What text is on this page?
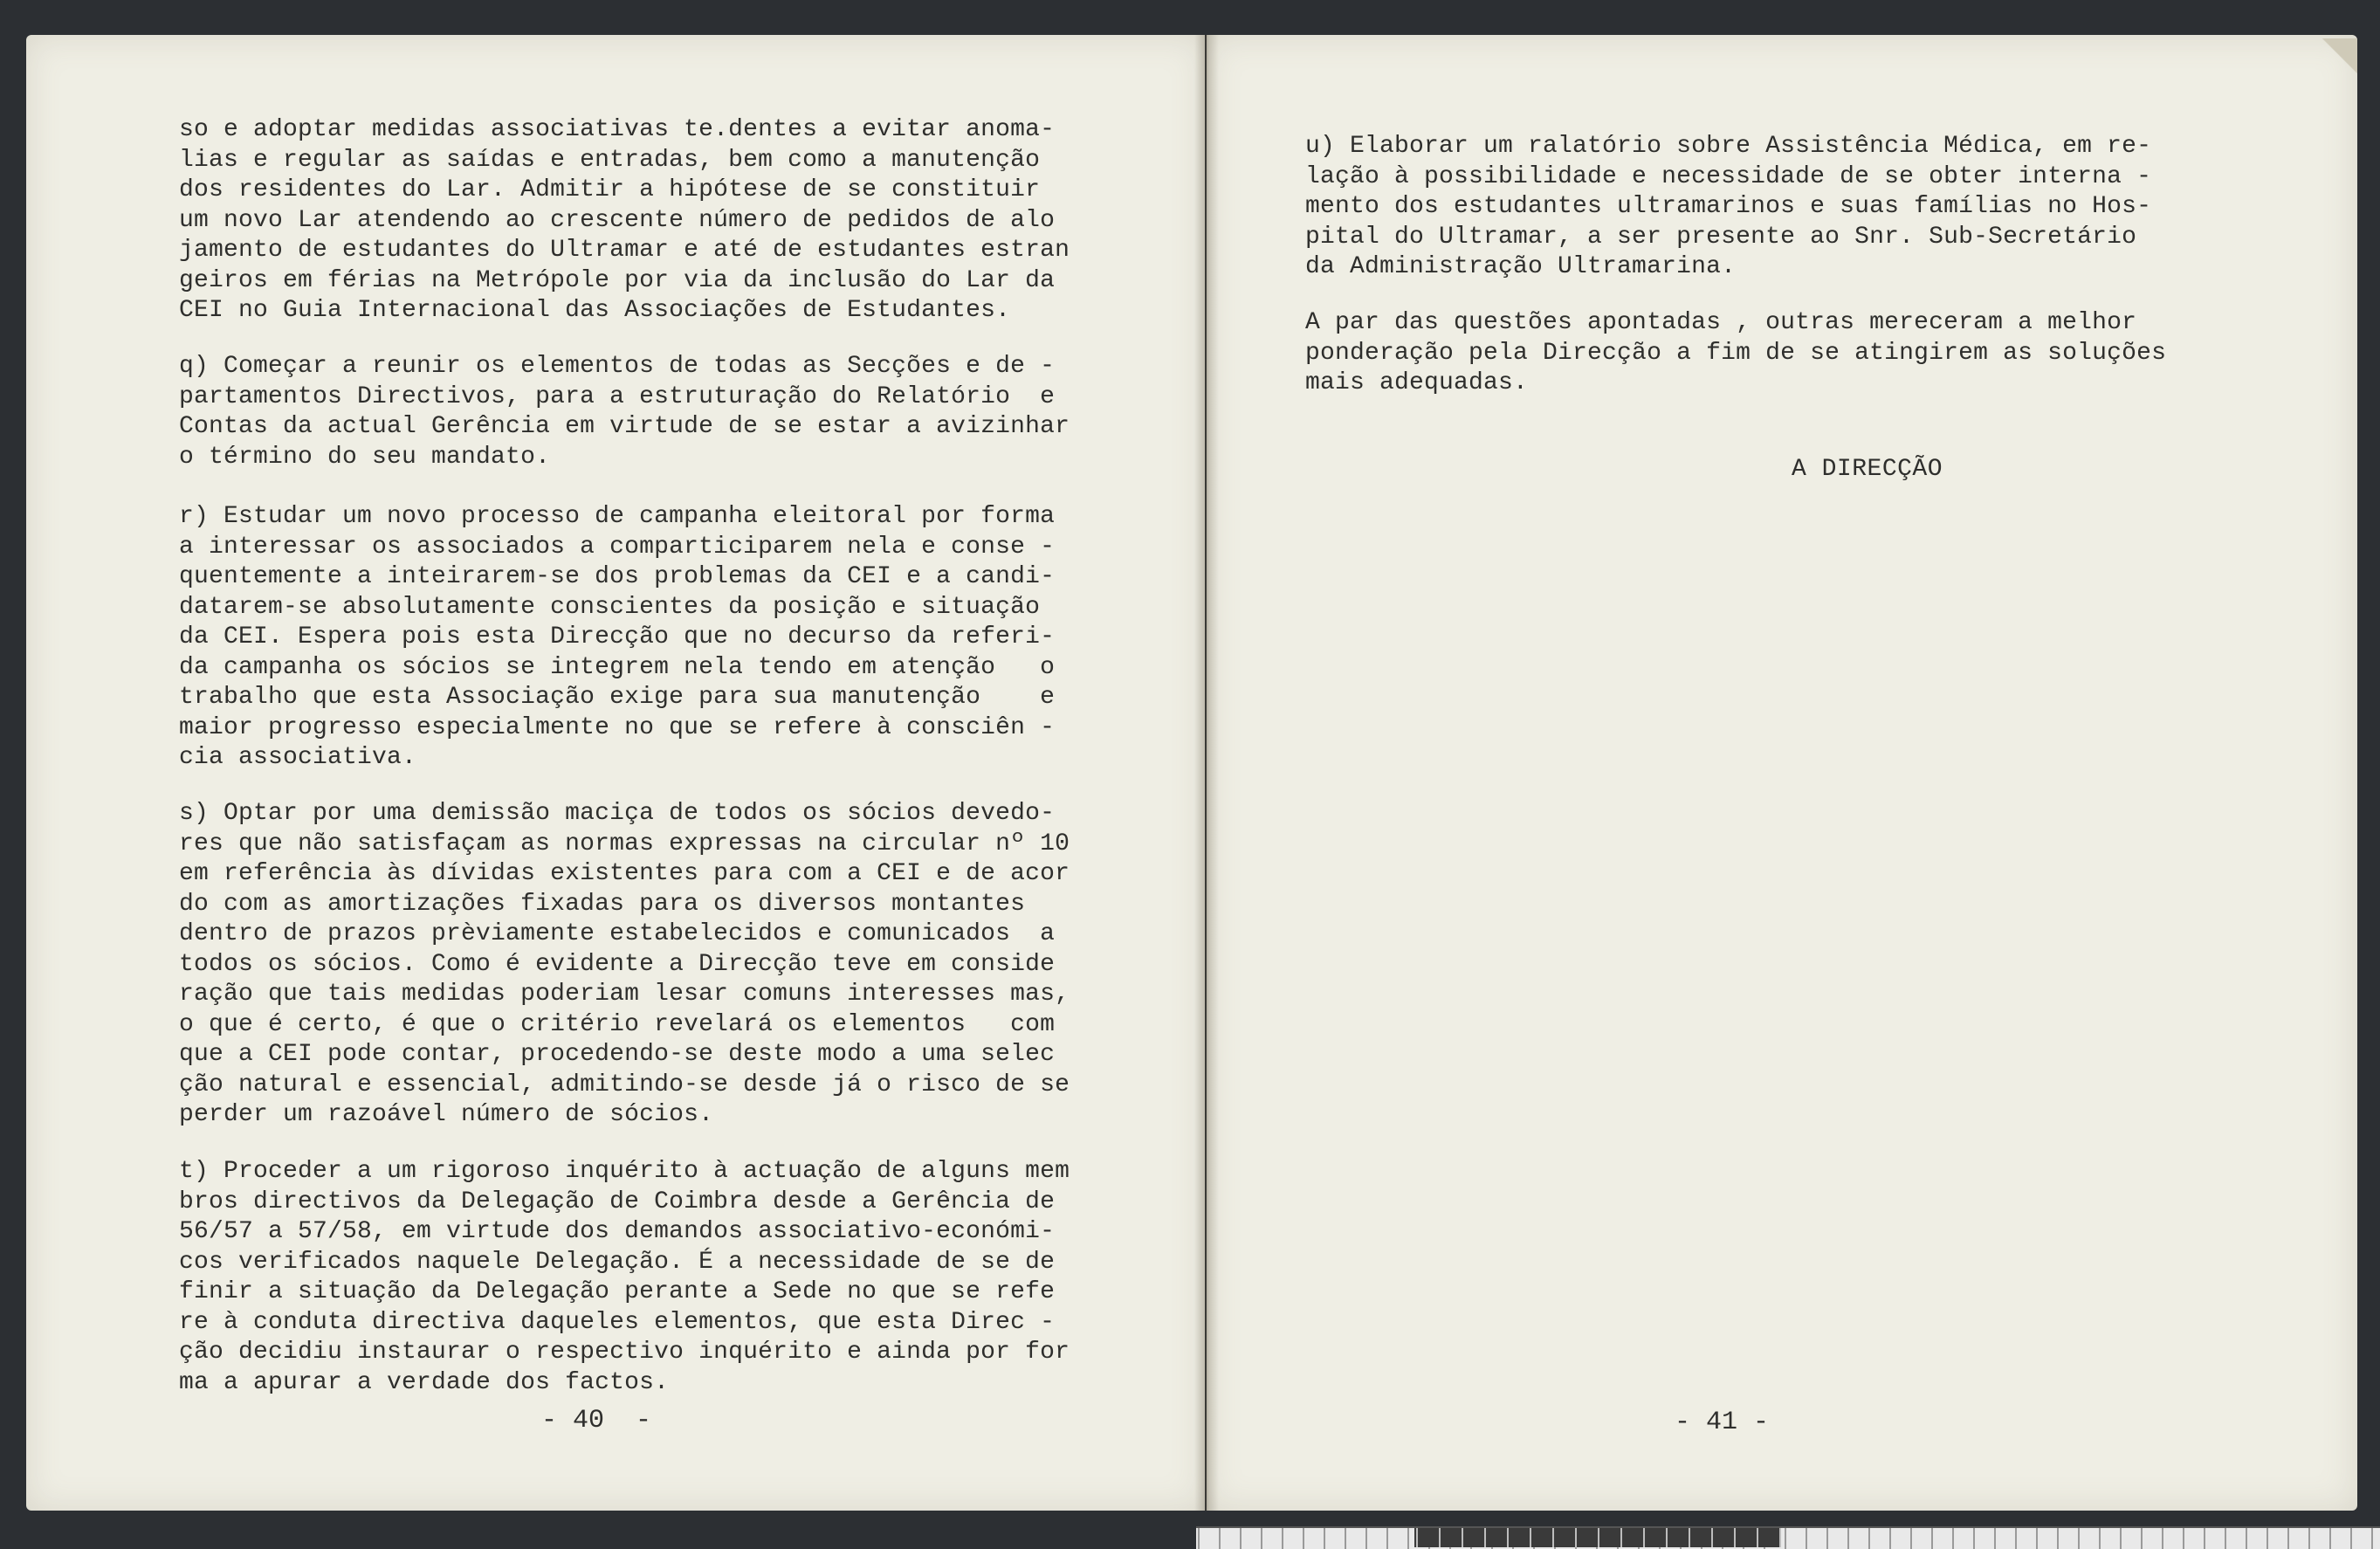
so e adoptar medidas associativas te.dentes a evitar anoma-
lias e regular as saídas e entradas, bem como a manutenção
dos residentes do Lar. Admitir a hipótese de se constituir
um novo Lar atendendo ao crescente número de pedidos de alo
jamento de estudantes do Ultramar e até de estudantes estran
geiros em férias na Metrópole por via da inclusão do Lar da
CEI no Guia Internacional das Associações de Estudantes.
q) Começar a reunir os elementos de todas as Secções e de -
partamentos Directivos, para a estruturação do Relatório  e
Contas da actual Gerência em virtude de se estar a avizinhar
o término do seu mandato.
r) Estudar um novo processo de campanha eleitoral por forma
a interessar os associados a comparticiparem nela e conse -
quentemente a inteirarem-se dos problemas da CEI e a candi-
datarem-se absolutamente conscientes da posição e situação
da CEI. Espera pois esta Direcção que no decurso da referi-
da campanha os sócios se integrem nela tendo em atenção   o
trabalho que esta Associação exige para sua manutenção    e
maior progresso especialmente no que se refere à consciên -
cia associativa.
s) Optar por uma demissão maciça de todos os sócios devedo-
res que não satisfaçam as normas expressas na circular nº 10
em referência às dívidas existentes para com a CEI e de acor
do com as amortizações fixadas para os diversos montantes
dentro de prazos prèviamente estabelecidos e comunicados  a
todos os sócios. Como é evidente a Direcção teve em conside
ração que tais medidas poderiam lesar comuns interesses mas,
o que é certo, é que o critério revelará os elementos   com
que a CEI pode contar, procedendo-se deste modo a uma selec
ção natural e essencial, admitindo-se desde já o risco de se
perder um razoável número de sócios.
t) Proceder a um rigoroso inquérito à actuação de alguns mem
bros directivos da Delegação de Coimbra desde a Gerência de
56/57 a 57/58, em virtude dos demandos associativo-económi-
cos verificados naquele Delegação. É a necessidade de se de
finir a situação da Delegação perante a Sede no que se refe
re à conduta directiva daqueles elementos, que esta Direc -
ção decidiu instaurar o respectivo inquérito e ainda por for
ma a apurar a verdade dos factos.
- 40  -
u) Elaborar um ralatório sobre Assistência Médica, em re-
lação à possibilidade e necessidade de se obter interna -
mento dos estudantes ultramarinos e suas famílias no Hos-
pital do Ultramar, a ser presente ao Snr. Sub-Secretário
da Administração Ultramarina.
A par das questões apontadas , outras mereceram a melhor
ponderação pela Direcção a fim de se atingirem as soluções
mais adequadas.
A DIRECÇÃO
- 41 -
